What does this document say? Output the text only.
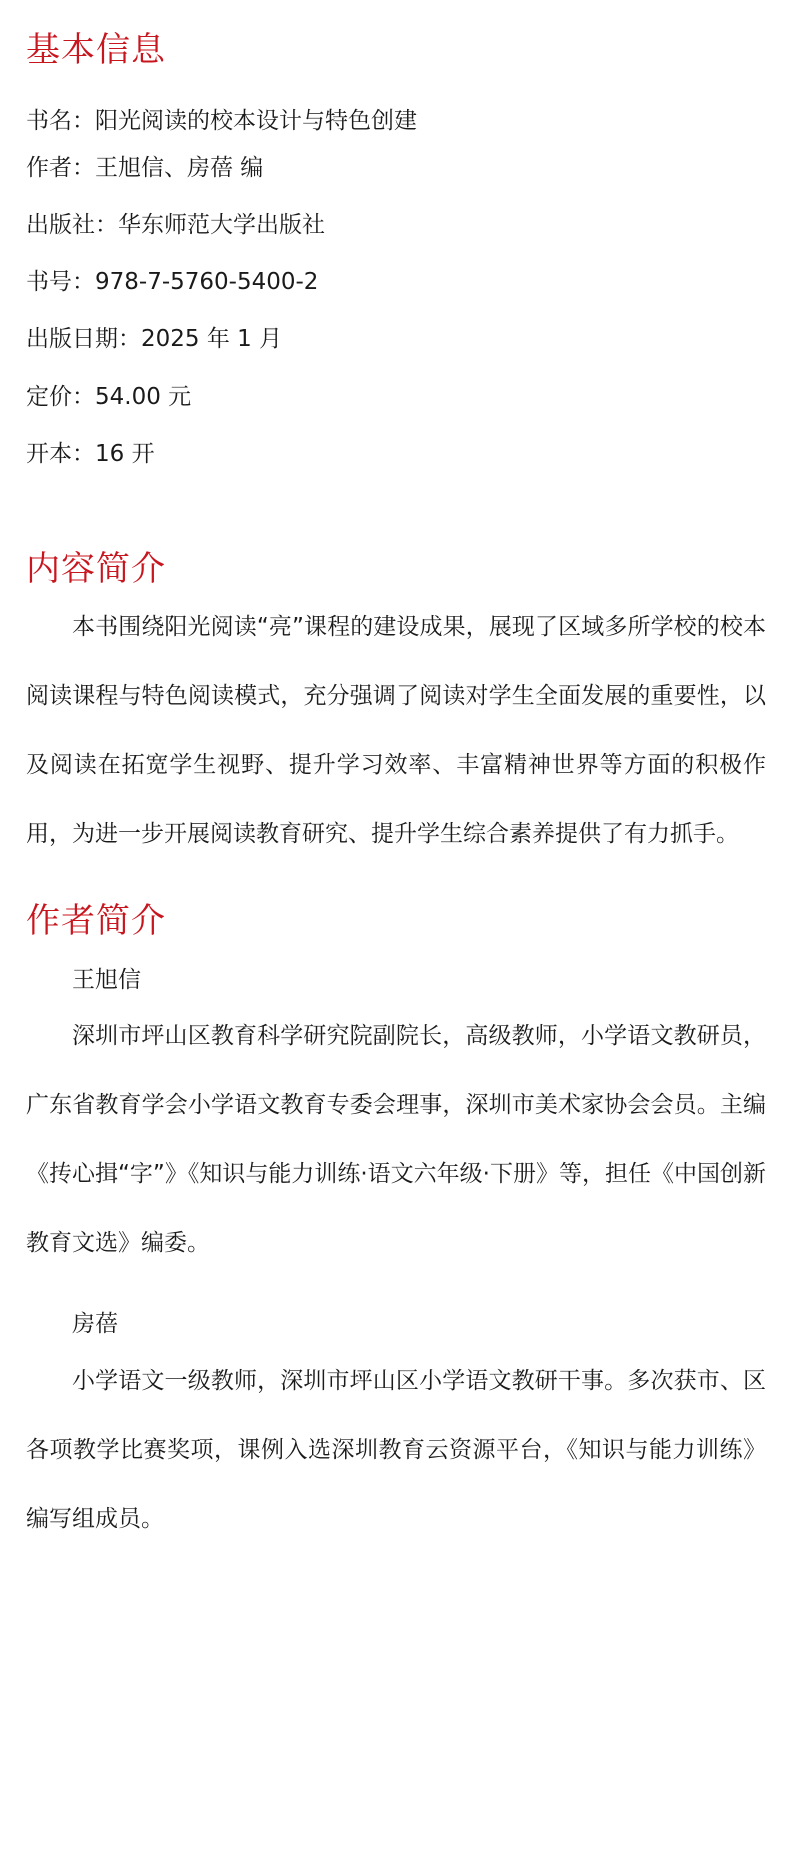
基本信息

书名：阳光阅读的校本设计与特色创建

作者：王旭信、房蓓 编

出版社：华东师范大学出版社

书号：978-7-5760-5400-2

出版日期：2025 年 1 月

定价：54.00 元

开本：16 开

内容简介

本书围绕阳光阅读“亮”课程的建设成果，展现了区域多所学校的校本阅读课程与特色阅读模式，充分强调了阅读对学生全面发展的重要性，以及阅读在拓宽学生视野、提升学习效率、丰富精神世界等方面的积极作用，为进一步开展阅读教育研究、提升学生综合素养提供了有力抓手。

作者简介

王旭信

深圳市坪山区教育科学研究院副院长，高级教师，小学语文教研员，广东省教育学会小学语文教育专委会理事，深圳市美术家协会会员。主编《抟心揖“字”》《知识与能力训练·语文六年级·下册》等，担任《中国创新教育文选》编委。

房蓓

小学语文一级教师，深圳市坪山区小学语文教研干事。多次获市、区各项教学比赛奖项，课例入选深圳教育云资源平台，《知识与能力训练》编写组成员。
